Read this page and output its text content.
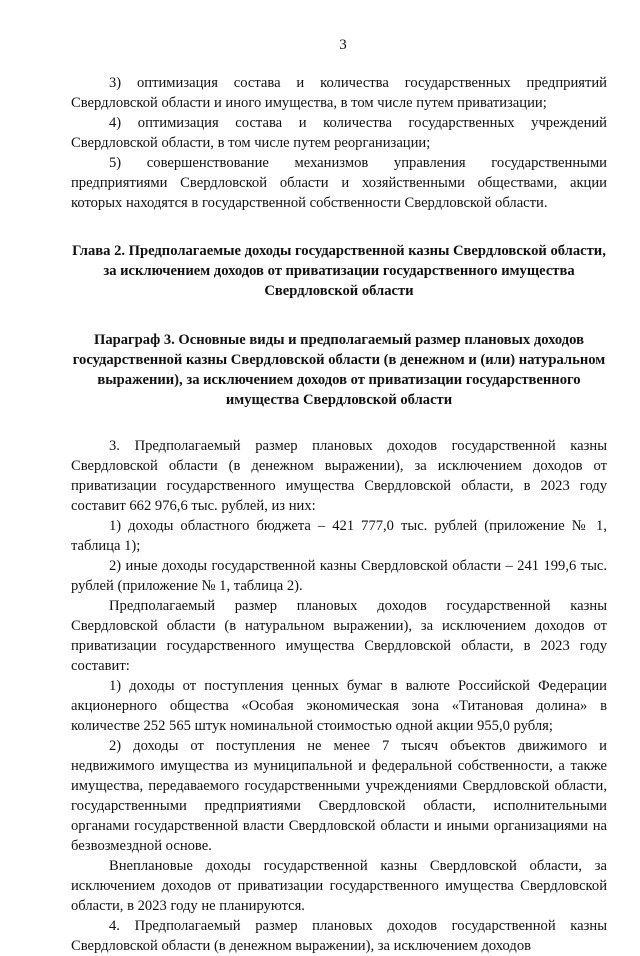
3

3) оптимизация состава и количества государственных предприятий Свердловской области и иного имущества, в том числе путем приватизации;

4) оптимизация состава и количества государственных учреждений Свердловской области, в том числе путем реорганизации;

5) совершенствование механизмов управления государственными предприятиями Свердловской области и хозяйственными обществами, акции которых находятся в государственной собственности Свердловской области.

Глава 2. Предполагаемые доходы государственной казны Свердловской области, за исключением доходов от приватизации государственного имущества Свердловской области
Параграф 3. Основные виды и предполагаемый размер плановых доходов государственной казны Свердловской области (в денежном и (или) натуральном выражении), за исключением доходов от приватизации государственного имущества Свердловской области

3. Предполагаемый размер плановых доходов государственной казны Свердловской области (в денежном выражении), за исключением доходов от приватизации государственного имущества Свердловской области, в 2023 году составит 662 976,6 тыс. рублей, из них:

1) доходы областного бюджета – 421 777,0 тыс. рублей (приложение № 1, таблица 1);

2) иные доходы государственной казны Свердловской области – 241 199,6 тыс. рублей (приложение № 1, таблица 2).

Предполагаемый размер плановых доходов государственной казны Свердловской области (в натуральном выражении), за исключением доходов от приватизации государственного имущества Свердловской области, в 2023 году составит:

1) доходы от поступления ценных бумаг в валюте Российской Федерации акционерного общества «Особая экономическая зона «Титановая долина» в количестве 252 565 штук номинальной стоимостью одной акции 955,0 рубля;

2) доходы от поступления не менее 7 тысяч объектов движимого и недвижимого имущества из муниципальной и федеральной собственности, а также имущества, передаваемого государственными учреждениями Свердловской области, государственными предприятиями Свердловской области, исполнительными органами государственной власти Свердловской области и иными организациями на безвозмездной основе.

Внеплановые доходы государственной казны Свердловской области, за исключением доходов от приватизации государственного имущества Свердловской области, в 2023 году не планируются.

4. Предполагаемый размер плановых доходов государственной казны Свердловской области (в денежном выражении), за исключением доходов
